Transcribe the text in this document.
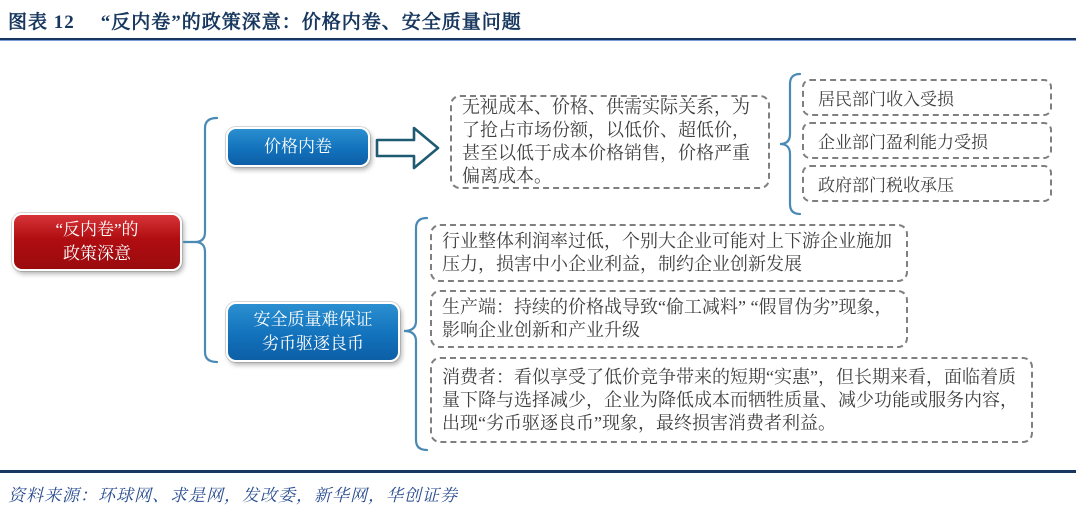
图表 12 “反内卷”的政策深意：价格内卷、安全质量问题
“反内卷”的
政策深意
价格内卷
无视成本、价格、供需实际关系，为了抢占市场份额，以低价、超低价，甚至以低于成本价格销售，价格严重偏离成本。
居民部门收入受损
企业部门盈利能力受损
政府部门税收承压
安全质量难保证
劣币驱逐良币
行业整体利润率过低，个别大企业可能对上下游企业施加压力，损害中小企业利益，制约企业创新发展
生产端：持续的价格战导致“偷工减料” “假冒伪劣”现象，影响企业创新和产业升级
消费者：看似享受了低价竞争带来的短期“实惠”，但长期来看，面临着质量下降与选择减少，企业为降低成本而牺牲质量、减少功能或服务内容，出现“劣币驱逐良币”现象，最终损害消费者利益。
资料来源：环球网、求是网，发改委，新华网，华创证券
